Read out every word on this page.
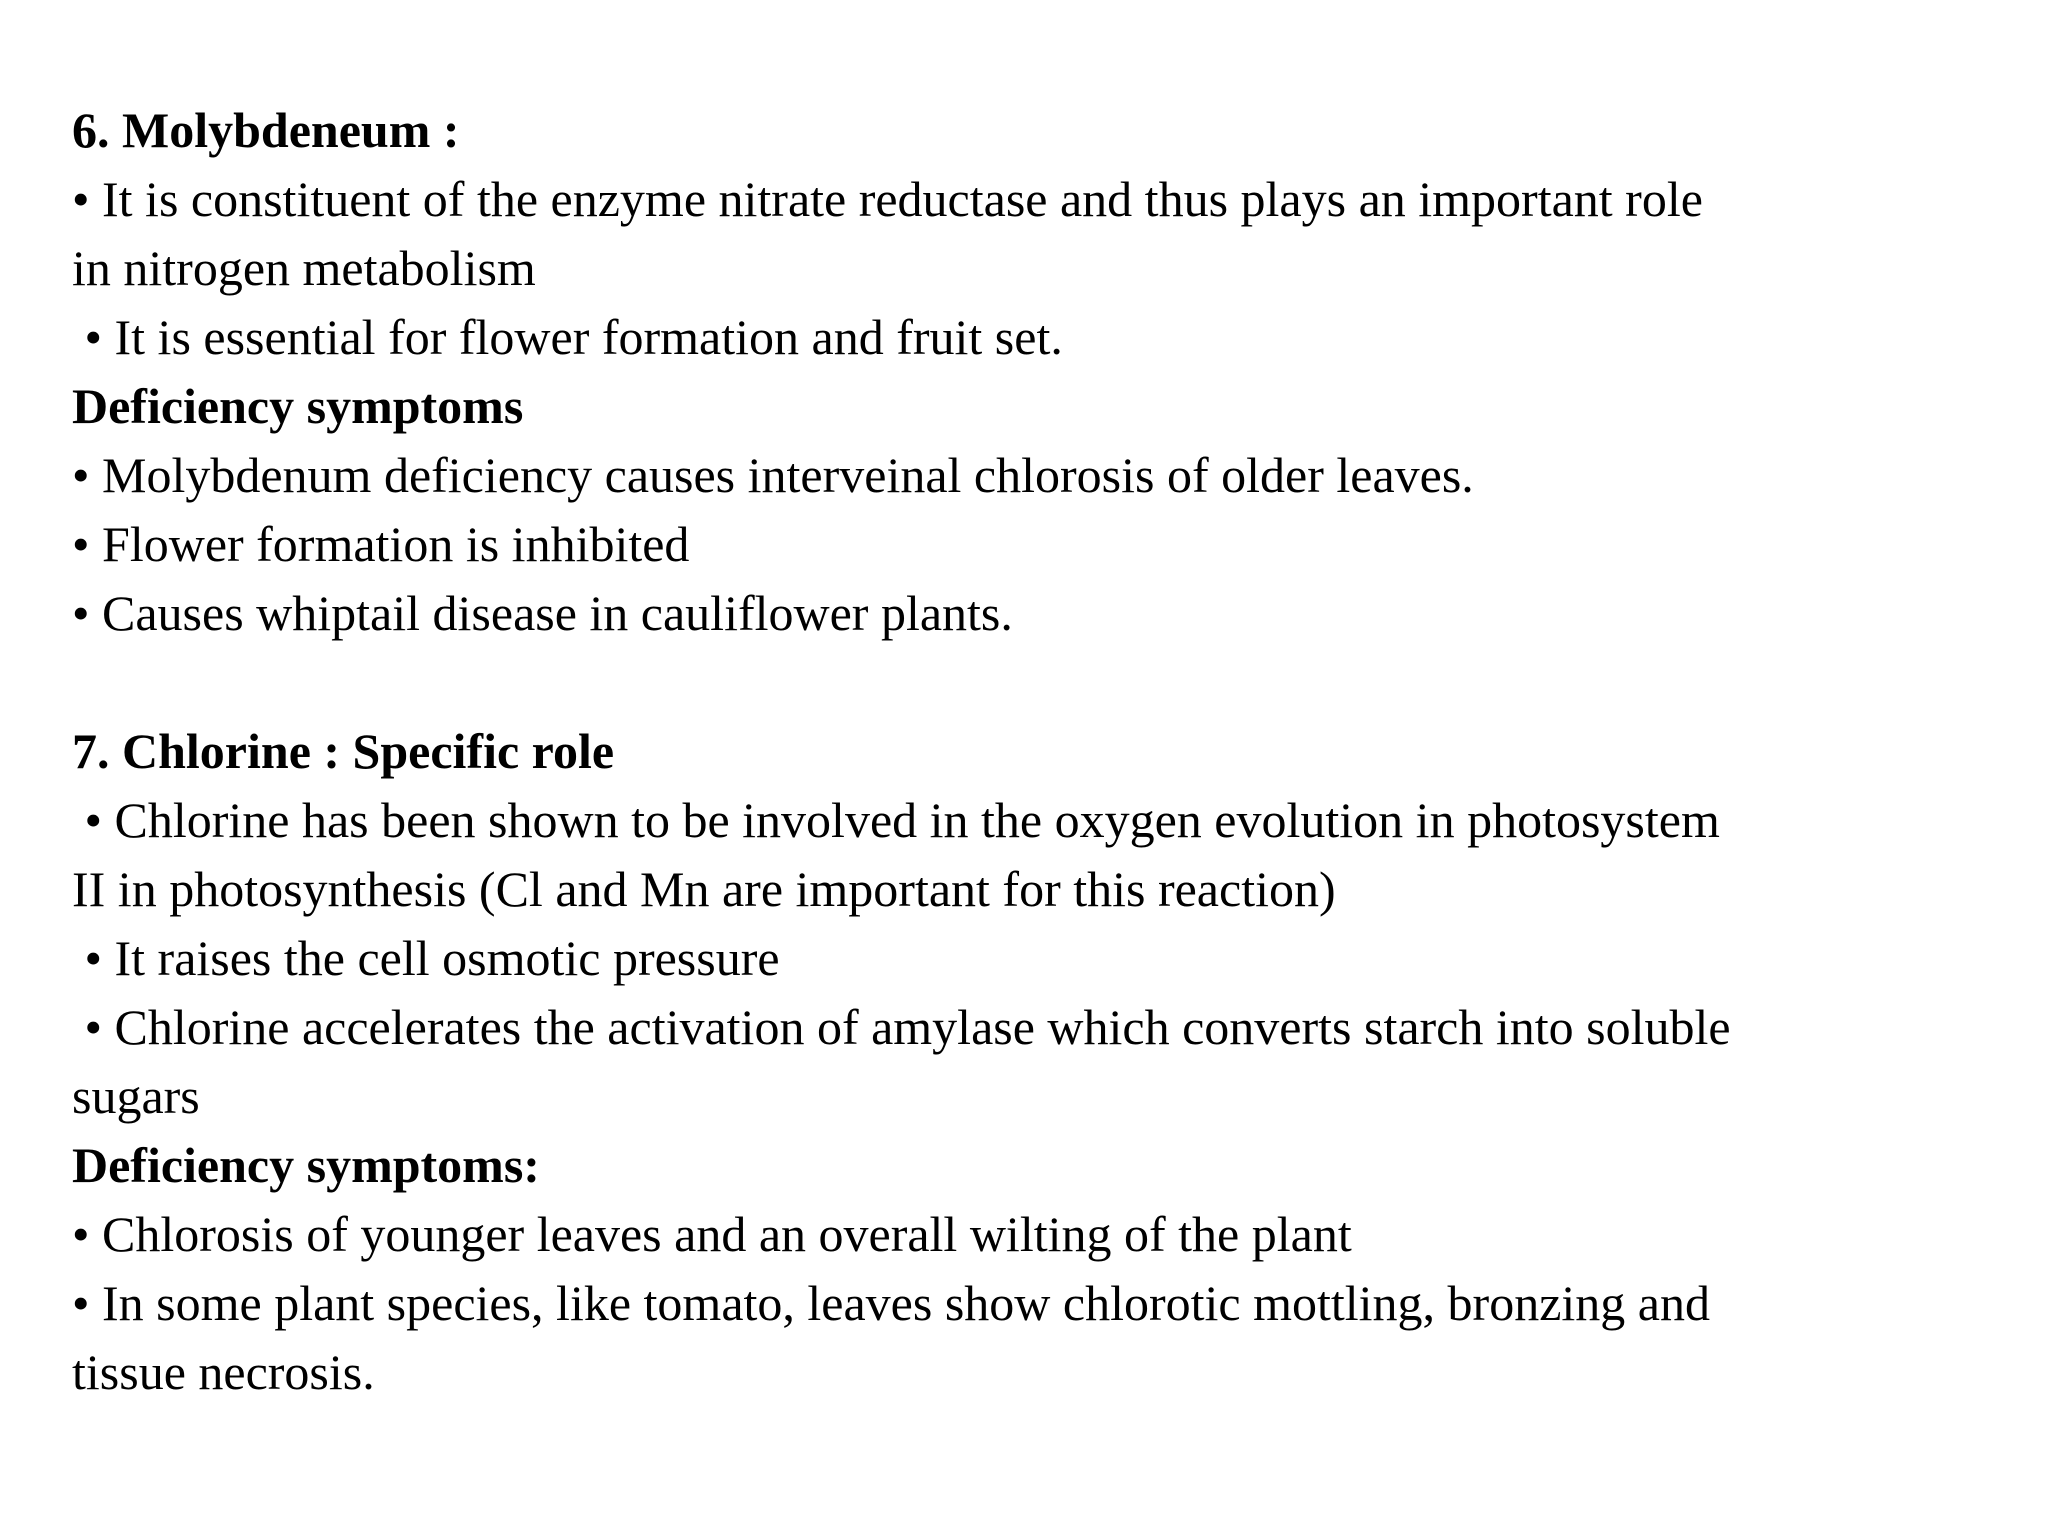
6. Molybdeneum :
• It is constituent of the enzyme nitrate reductase and thus plays an important role
in nitrogen metabolism
• It is essential for flower formation and fruit set.
Deficiency symptoms
• Molybdenum deficiency causes interveinal chlorosis of older leaves.
• Flower formation is inhibited
• Causes whiptail disease in cauliflower plants.
7. Chlorine : Specific role
• Chlorine has been shown to be involved in the oxygen evolution in photosystem
II in photosynthesis (Cl and Mn are important for this reaction)
• It raises the cell osmotic pressure
• Chlorine accelerates the activation of amylase which converts starch into soluble
sugars
Deficiency symptoms:
• Chlorosis of younger leaves and an overall wilting of the plant
• In some plant species, like tomato, leaves show chlorotic mottling, bronzing and
tissue necrosis.
